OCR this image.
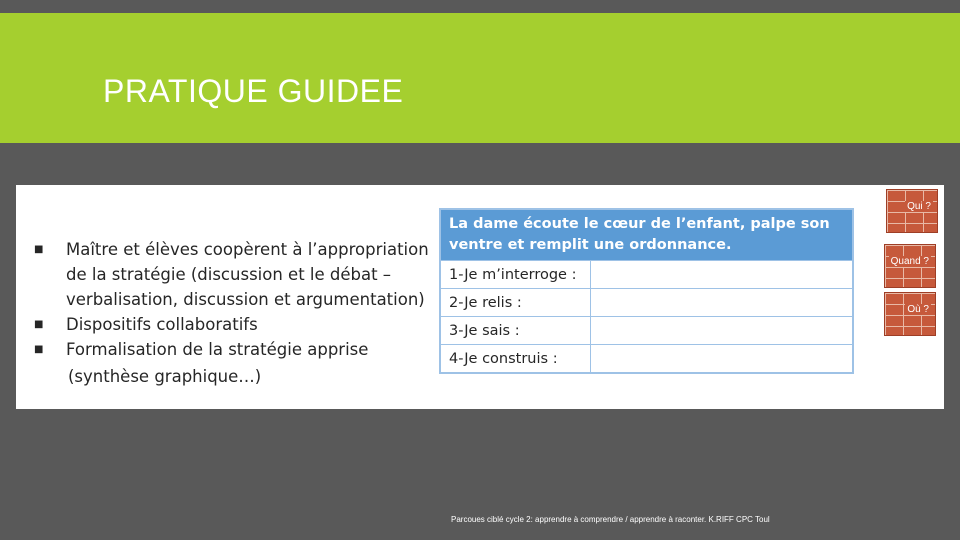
PRATIQUE GUIDEE
■ Maître et élèves coopèrent à l’appropriation de la stratégie (discussion et le débat – verbalisation, discussion et argumentation)
■ Dispositifs collaboratifs
■ Formalisation de la stratégie apprise
(synthèse graphique…)
La dame écoute le cœur de l’enfant, palpe son ventre et remplit une ordonnance.	
1-Je m’interroge :	
2-Je relis :	
3-Je sais :	
4-Je construis :	
Qui ?
Quand ?
Où ?
Parcoues ciblé cycle 2: apprendre à comprendre / apprendre à raconter. K.RIFF CPC Toul
